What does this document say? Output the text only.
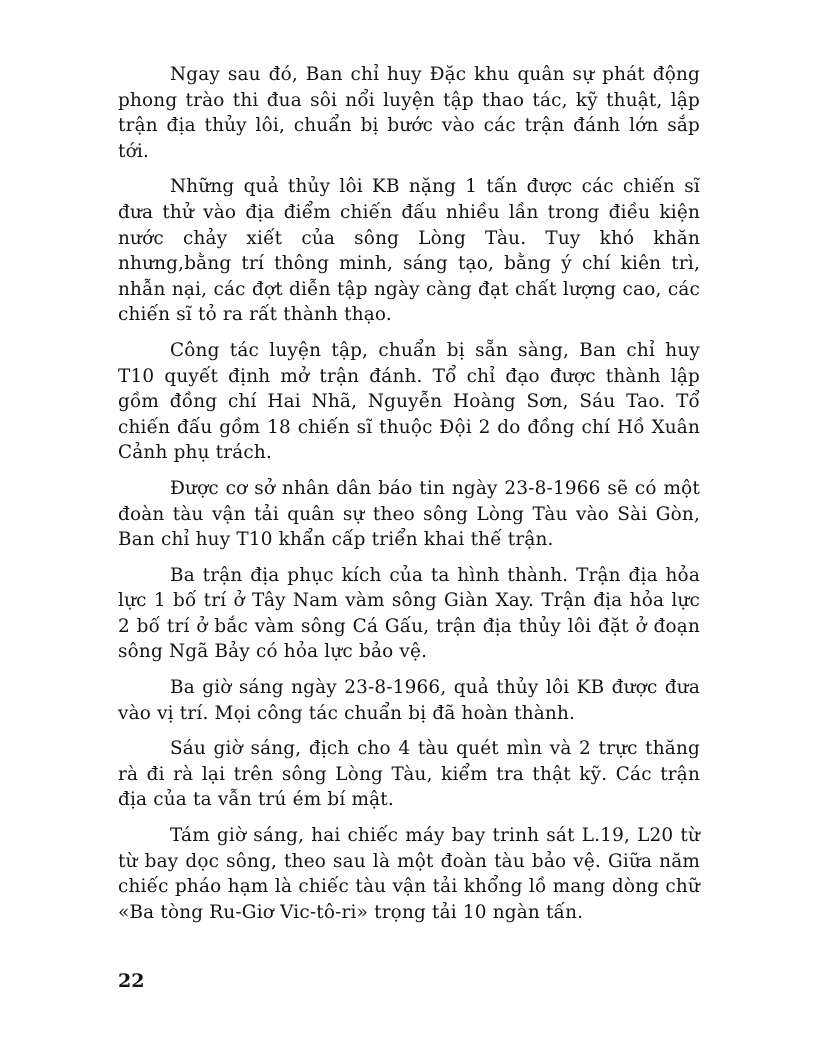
Ngay sau đó, Ban chỉ huy Đặc khu quân sự phát động phong trào thi đua sôi nổi luyện tập thao tác, kỹ thuật, lập trận địa thủy lôi, chuẩn bị bước vào các trận đánh lớn sắp tới.

Những quả thủy lôi KB nặng 1 tấn được các chiến sĩ đưa thử vào địa điểm chiến đấu nhiều lần trong điều kiện nước chảy xiết của sông Lòng Tàu. Tuy khó khăn nhưng,bằng trí thông minh, sáng tạo, bằng ý chí kiên trì, nhẫn nại, các đợt diễn tập ngày càng đạt chất lượng cao, các chiến sĩ tỏ ra rất thành thạo.

Công tác luyện tập, chuẩn bị sẵn sàng, Ban chỉ huy T10 quyết định mở trận đánh. Tổ chỉ đạo được thành lập gồm đồng chí Hai Nhã, Nguyễn Hoàng Sơn, Sáu Tao. Tổ chiến đấu gồm 18 chiến sĩ thuộc Đội 2 do đồng chí Hồ Xuân Cảnh phụ trách.

Được cơ sở nhân dân báo tin ngày 23-8-1966 sẽ có một đoàn tàu vận tải quân sự theo sông Lòng Tàu vào Sài Gòn, Ban chỉ huy T10 khẩn cấp triển khai thế trận.

Ba trận địa phục kích của ta hình thành. Trận địa hỏa lực 1 bố trí ở Tây Nam vàm sông Giàn Xay. Trận địa hỏa lực 2 bố trí ở bắc vàm sông Cá Gấu, trận địa thủy lôi đặt ở đoạn sông Ngã Bảy có hỏa lực bảo vệ.

Ba giờ sáng ngày 23-8-1966, quả thủy lôi KB được đưa vào vị trí. Mọi công tác chuẩn bị đã hoàn thành.

Sáu giờ sáng, địch cho 4 tàu quét mìn và 2 trực thăng rà đi rà lại trên sông Lòng Tàu, kiểm tra thật kỹ. Các trận địa của ta vẫn trú ém bí mật.

Tám giờ sáng, hai chiếc máy bay trinh sát L.19, L20 từ từ bay dọc sông, theo sau là một đoàn tàu bảo vệ. Giữa năm chiếc pháo hạm là chiếc tàu vận tải khổng lồ mang dòng chữ «Ba tòng Ru-Giơ Vic-tô-ri» trọng tải 10 ngàn tấn.

22
